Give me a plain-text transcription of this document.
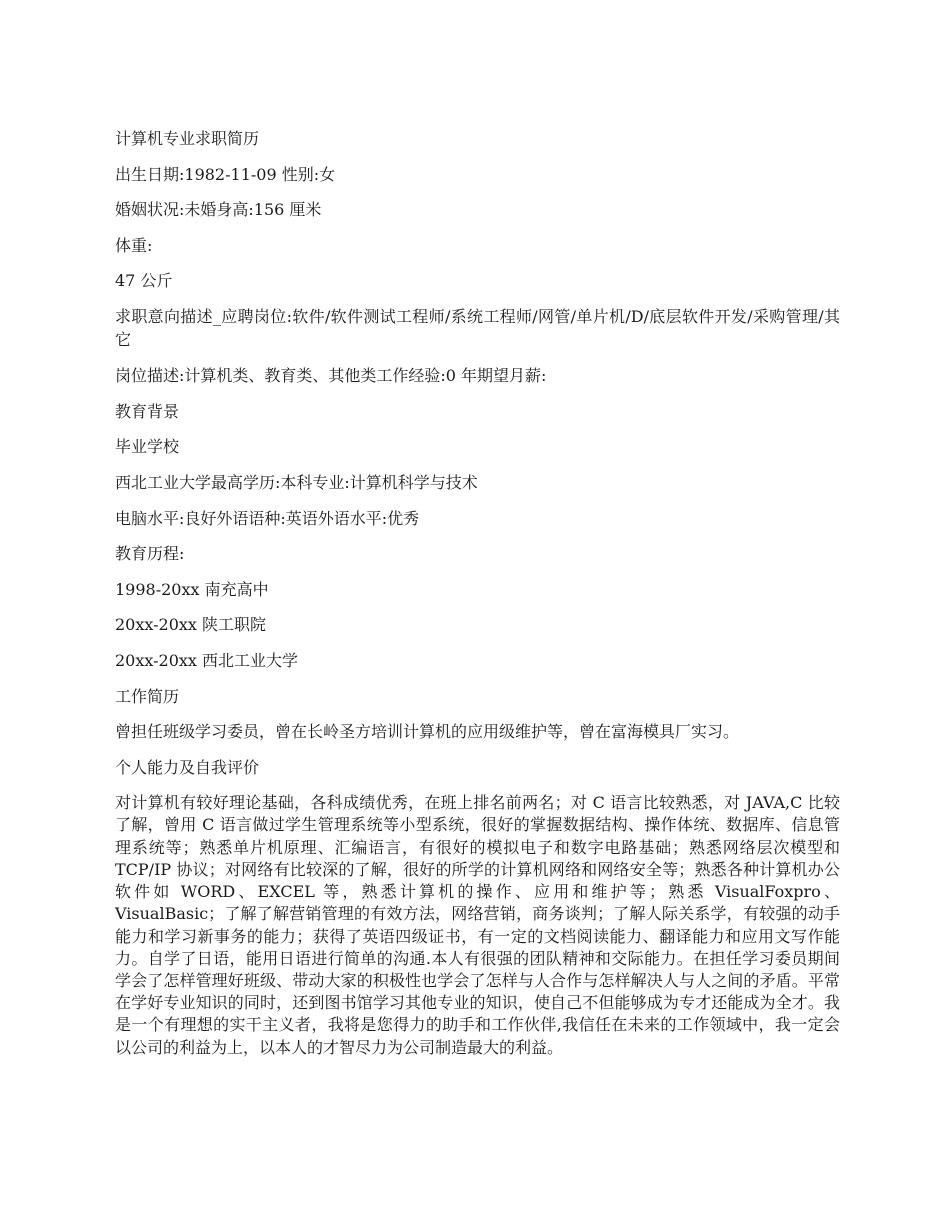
计算机专业求职简历

出生日期:1982-11-09 性别:女

婚姻状况:未婚身高:156 厘米

体重:

47 公斤

求职意向描述_应聘岗位:软件/软件测试工程师/系统工程师/网管/单片机/D/底层软件开发/采购管理/其它

岗位描述:计算机类、教育类、其他类工作经验:0 年期望月薪:

教育背景

毕业学校

西北工业大学最高学历:本科专业:计算机科学与技术

电脑水平:良好外语语种:英语外语水平:优秀

教育历程:

1998-20xx 南充高中

20xx-20xx 陕工职院

20xx-20xx 西北工业大学

工作简历

曾担任班级学习委员，曾在长岭圣方培训计算机的应用级维护等，曾在富海模具厂实习。

个人能力及自我评价

对计算机有较好理论基础，各科成绩优秀，在班上排名前两名；对 C 语言比较熟悉，对 JAVA,C 比较了解，曾用 C 语言做过学生管理系统等小型系统，很好的掌握数据结构、操作体统、数据库、信息管理系统等；熟悉单片机原理、汇编语言，有很好的模拟电子和数字电路基础；熟悉网络层次模型和 TCP/IP 协议；对网络有比较深的了解，很好的所学的计算机网络和网络安全等；熟悉各种计算机办公软件如 WORD、EXCEL 等，熟悉计算机的操作、应用和维护等；熟悉 VisualFoxpro、VisualBasic；了解了解营销管理的有效方法，网络营销，商务谈判；了解人际关系学，有较强的动手能力和学习新事务的能力；获得了英语四级证书，有一定的文档阅读能力、翻译能力和应用文写作能力。自学了日语，能用日语进行简单的沟通.本人有很强的团队精神和交际能力。在担任学习委员期间学会了怎样管理好班级、带动大家的积极性也学会了怎样与人合作与怎样解决人与人之间的矛盾。平常在学好专业知识的同时，还到图书馆学习其他专业的知识，使自己不但能够成为专才还能成为全才。我是一个有理想的实干主义者，我将是您得力的助手和工作伙伴,我信任在未来的工作领域中，我一定会以公司的利益为上，以本人的才智尽力为公司制造最大的利益。
